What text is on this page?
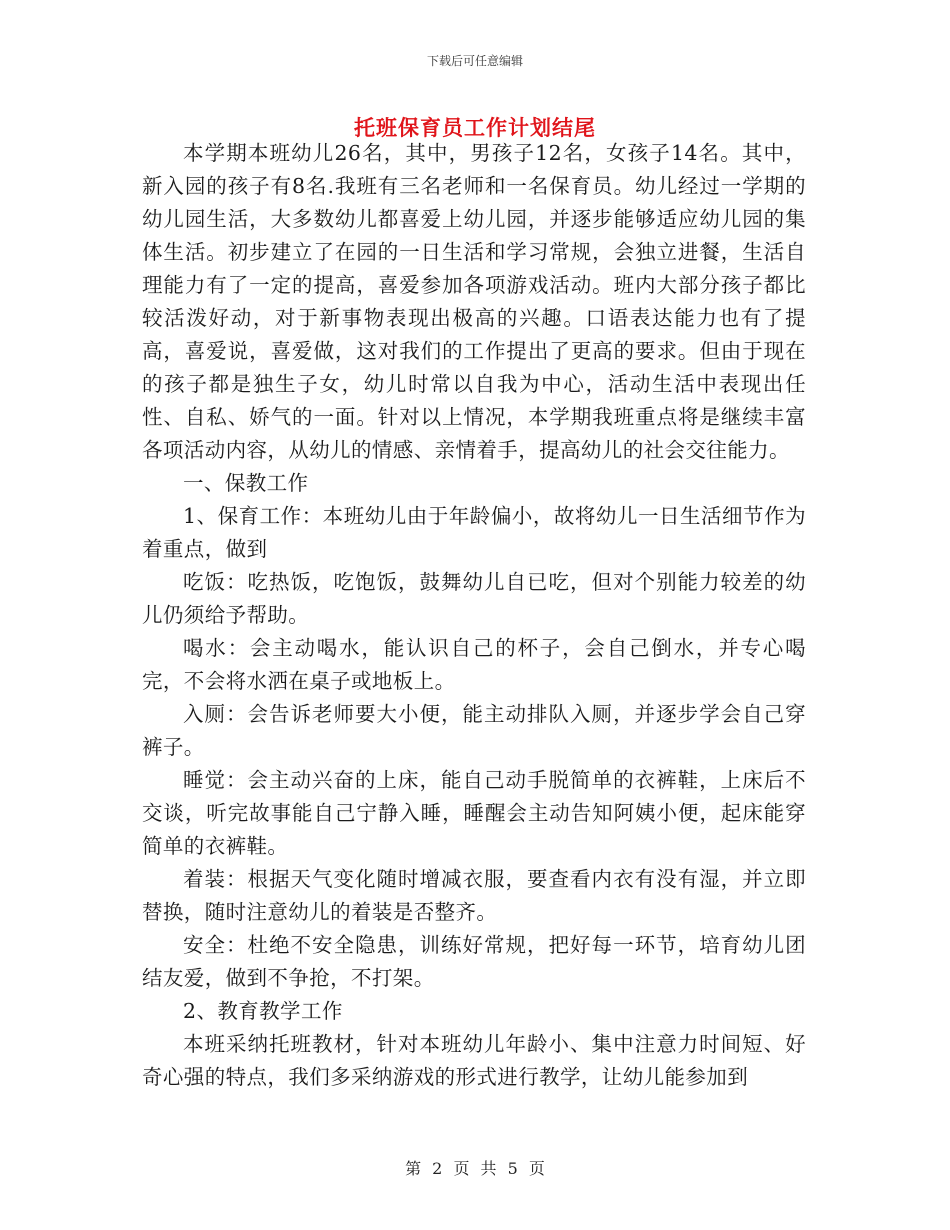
下载后可任意编辑
托班保育员工作计划结尾

本学期本班幼儿26名，其中，男孩子12名，女孩子14名。其中，新入园的孩子有8名.我班有三名老师和一名保育员。幼儿经过一学期的幼儿园生活，大多数幼儿都喜爱上幼儿园，并逐步能够适应幼儿园的集体生活。初步建立了在园的一日生活和学习常规，会独立进餐，生活自理能力有了一定的提高，喜爱参加各项游戏活动。班内大部分孩子都比较活泼好动，对于新事物表现出极高的兴趣。口语表达能力也有了提高，喜爱说，喜爱做，这对我们的工作提出了更高的要求。但由于现在的孩子都是独生子女，幼儿时常以自我为中心，活动生活中表现出任性、自私、娇气的一面。针对以上情况，本学期我班重点将是继续丰富各项活动内容，从幼儿的情感、亲情着手，提高幼儿的社会交往能力。

一、保教工作

1、保育工作：本班幼儿由于年龄偏小，故将幼儿一日生活细节作为着重点，做到

吃饭：吃热饭，吃饱饭，鼓舞幼儿自已吃，但对个别能力较差的幼儿仍须给予帮助。

喝水：会主动喝水，能认识自己的杯子，会自己倒水，并专心喝完，不会将水洒在桌子或地板上。

入厕：会告诉老师要大小便，能主动排队入厕，并逐步学会自己穿裤子。

睡觉：会主动兴奋的上床，能自己动手脱简单的衣裤鞋，上床后不交谈，听完故事能自己宁静入睡，睡醒会主动告知阿姨小便，起床能穿简单的衣裤鞋。

着装：根据天气变化随时增减衣服，要查看内衣有没有湿，并立即替换，随时注意幼儿的着装是否整齐。

安全：杜绝不安全隐患，训练好常规，把好每一环节，培育幼儿团结友爱，做到不争抢，不打架。

2、教育教学工作

本班采纳托班教材，针对本班幼儿年龄小、集中注意力时间短、好奇心强的特点，我们多采纳游戏的形式进行教学，让幼儿能参加到

第 2 页 共 5 页
